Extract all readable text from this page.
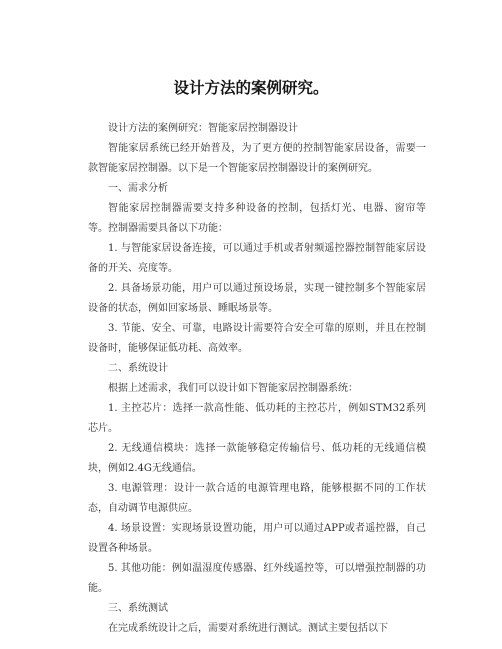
设计方法的案例研究。

设计方法的案例研究：智能家居控制器设计

智能家居系统已经开始普及，为了更方便的控制智能家居设备，需要一款智能家居控制器。以下是一个智能家居控制器设计的案例研究。

一、需求分析

智能家居控制器需要支持多种设备的控制，包括灯光、电器、窗帘等等。控制器需要具备以下功能：

1. 与智能家居设备连接，可以通过手机或者射频遥控器控制智能家居设备的开关、亮度等。

2. 具备场景功能，用户可以通过预设场景，实现一键控制多个智能家居设备的状态，例如回家场景、睡眠场景等。

3. 节能、安全、可靠，电路设计需要符合安全可靠的原则，并且在控制设备时，能够保证低功耗、高效率。

二、系统设计

根据上述需求，我们可以设计如下智能家居控制器系统：

1. 主控芯片：选择一款高性能、低功耗的主控芯片，例如STM32系列芯片。

2. 无线通信模块：选择一款能够稳定传输信号、低功耗的无线通信模块，例如2.4G无线通信。

3. 电源管理：设计一款合适的电源管理电路，能够根据不同的工作状态，自动调节电源供应。

4. 场景设置：实现场景设置功能，用户可以通过APP或者遥控器，自己设置各种场景。

5. 其他功能：例如温湿度传感器、红外线遥控等，可以增强控制器的功能。

三、系统测试

在完成系统设计之后，需要对系统进行测试。测试主要包括以下
